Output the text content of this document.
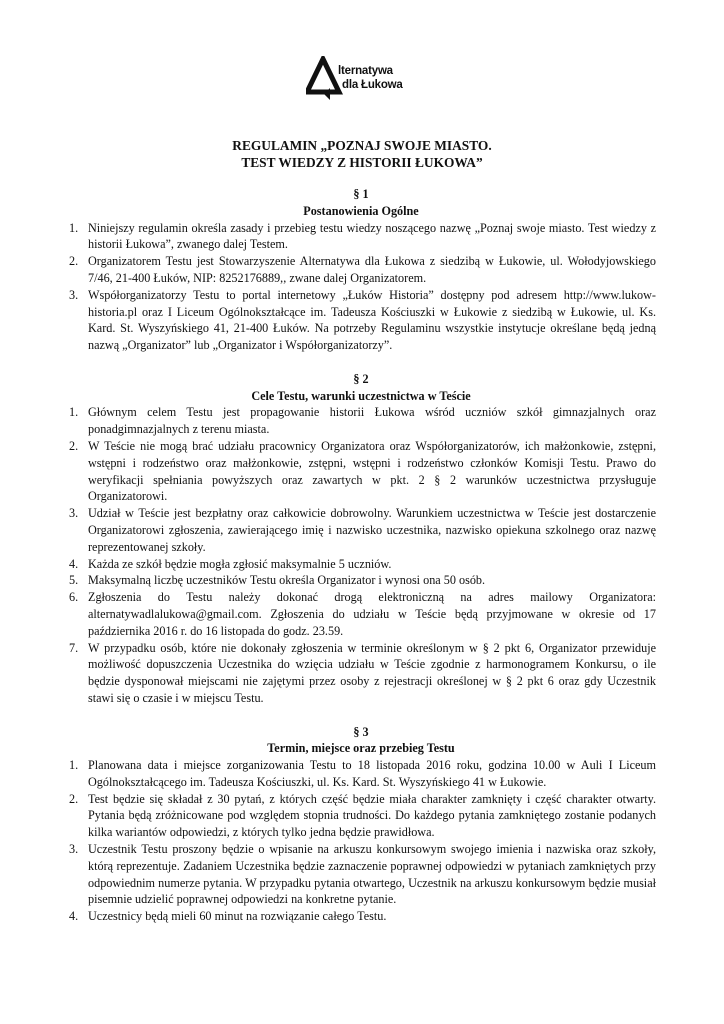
lternatywa
dla Łukowa
REGULAMIN „POZNAJ SWOJE MIASTO.
TEST WIEDZY Z HISTORII ŁUKOWA”
§ 1
Postanowienia Ogólne
1. Niniejszy regulamin określa zasady i przebieg testu wiedzy noszącego nazwę „Poznaj swoje miasto. Test wiedzy z historii Łukowa”, zwanego dalej Testem.
2. Organizatorem Testu jest Stowarzyszenie Alternatywa dla Łukowa z siedzibą w Łukowie, ul. Wołodyjowskiego 7/46, 21-400 Łuków, NIP: 8252176889,, zwane dalej Organizatorem.
3. Współorganizatorzy Testu to portal internetowy „Łuków Historia” dostępny pod adresem http://www.lukow-historia.pl oraz I Liceum Ogólnokształcące im. Tadeusza Kościuszki w Łukowie z siedzibą w Łukowie, ul. Ks. Kard. St. Wyszyńskiego 41, 21-400 Łuków. Na potrzeby Regulaminu wszystkie instytucje określane będą jedną nazwą „Organizator” lub „Organizator i Współorganizatorzy”.
§ 2
Cele Testu, warunki uczestnictwa w Teście
1. Głównym celem Testu jest propagowanie historii Łukowa wśród uczniów szkół gimnazjalnych oraz ponadgimnazjalnych z terenu miasta.
2. W Teście nie mogą brać udziału pracownicy Organizatora oraz Współorganizatorów, ich małżonkowie, zstępni, wstępni i rodzeństwo oraz małżonkowie, zstępni, wstępni i rodzeństwo członków Komisji Testu. Prawo do weryfikacji spełniania powyższych oraz zawartych w pkt. 2 § 2 warunków uczestnictwa przysługuje Organizatorowi.
3. Udział w Teście jest bezpłatny oraz całkowicie dobrowolny. Warunkiem uczestnictwa w Teście jest dostarczenie Organizatorowi zgłoszenia, zawierającego imię i nazwisko uczestnika, nazwisko opiekuna szkolnego oraz nazwę reprezentowanej szkoły.
4. Każda ze szkół będzie mogła zgłosić maksymalnie 5 uczniów.
5. Maksymalną liczbę uczestników Testu określa Organizator i wynosi ona 50 osób.
6. Zgłoszenia do Testu należy dokonać drogą elektroniczną na adres mailowy Organizatora: alternatywadlalukowa@gmail.com. Zgłoszenia do udziału w Teście będą przyjmowane w okresie od 17 października 2016 r. do 16 listopada do godz. 23.59.
7. W przypadku osób, które nie dokonały zgłoszenia w terminie określonym w § 2 pkt 6, Organizator przewiduje możliwość dopuszczenia Uczestnika do wzięcia udziału w Teście zgodnie z harmonogramem Konkursu, o ile będzie dysponował miejscami nie zajętymi przez osoby z rejestracji określonej w § 2 pkt 6 oraz gdy Uczestnik stawi się o czasie i w miejscu Testu.
§ 3
Termin, miejsce oraz przebieg Testu
1. Planowana data i miejsce zorganizowania Testu to 18 listopada 2016 roku, godzina 10.00 w Auli I Liceum Ogólnokształcącego im. Tadeusza Kościuszki, ul. Ks. Kard. St. Wyszyńskiego 41 w Łukowie.
2. Test będzie się składał z 30 pytań, z których część będzie miała charakter zamknięty i część charakter otwarty. Pytania będą zróżnicowane pod względem stopnia trudności. Do każdego pytania zamkniętego zostanie podanych kilka wariantów odpowiedzi, z których tylko jedna będzie prawidłowa.
3. Uczestnik Testu proszony będzie o wpisanie na arkuszu konkursowym swojego imienia i nazwiska oraz szkoły, którą reprezentuje. Zadaniem Uczestnika będzie zaznaczenie poprawnej odpowiedzi w pytaniach zamkniętych przy odpowiednim numerze pytania. W przypadku pytania otwartego, Uczestnik na arkuszu konkursowym będzie musiał pisemnie udzielić poprawnej odpowiedzi na konkretne pytanie.
4. Uczestnicy będą mieli 60 minut na rozwiązanie całego Testu.
